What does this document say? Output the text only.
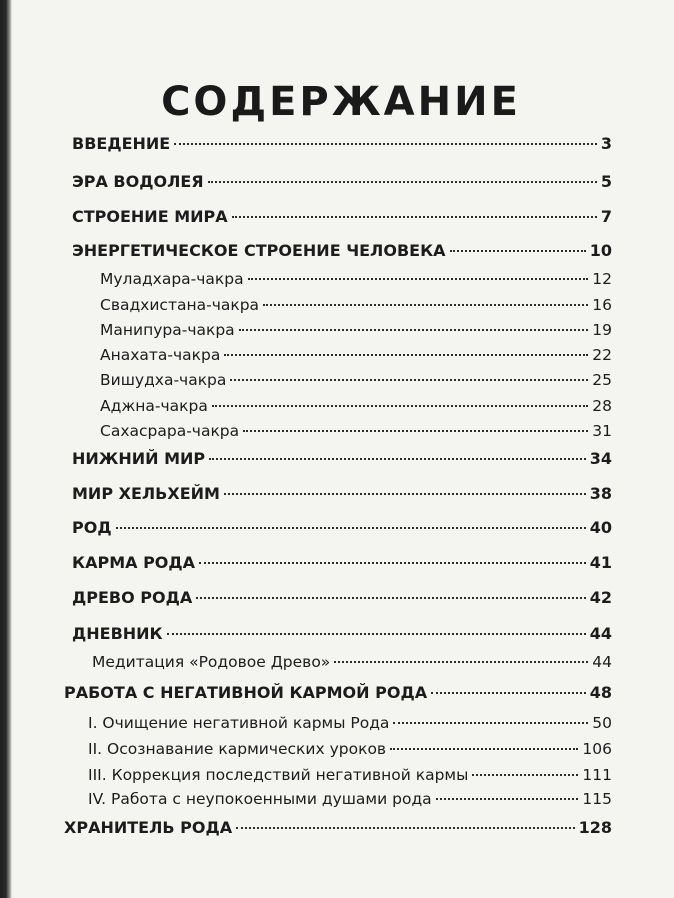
СОДЕРЖАНИЕ
ВВЕДЕНИЕ	3
ЭРА ВОДОЛЕЯ	5
СТРОЕНИЕ МИРА	7
ЭНЕРГЕТИЧЕСКОЕ СТРОЕНИЕ ЧЕЛОВЕКА	10
Муладхара-чакра	12
Свадхистана-чакра	16
Манипура-чакра	19
Анахата-чакра	22
Вишудха-чакра	25
Аджна-чакра	28
Сахасрара-чакра	31
НИЖНИЙ МИР	34
МИР ХЕЛЬХЕЙМ	38
РОД	40
КАРМА РОДА	41
ДРЕВО РОДА	42
ДНЕВНИК	44
Медитация «Родовое Древо»	44
РАБОТА С НЕГАТИВНОЙ КАРМОЙ РОДА	48
I. Очищение негативной кармы Рода	50
II. Осознавание кармических уроков	106
III. Коррекция последствий негативной кармы	111
IV. Работа с неупокоенными душами рода	115
ХРАНИТЕЛЬ РОДА	128
